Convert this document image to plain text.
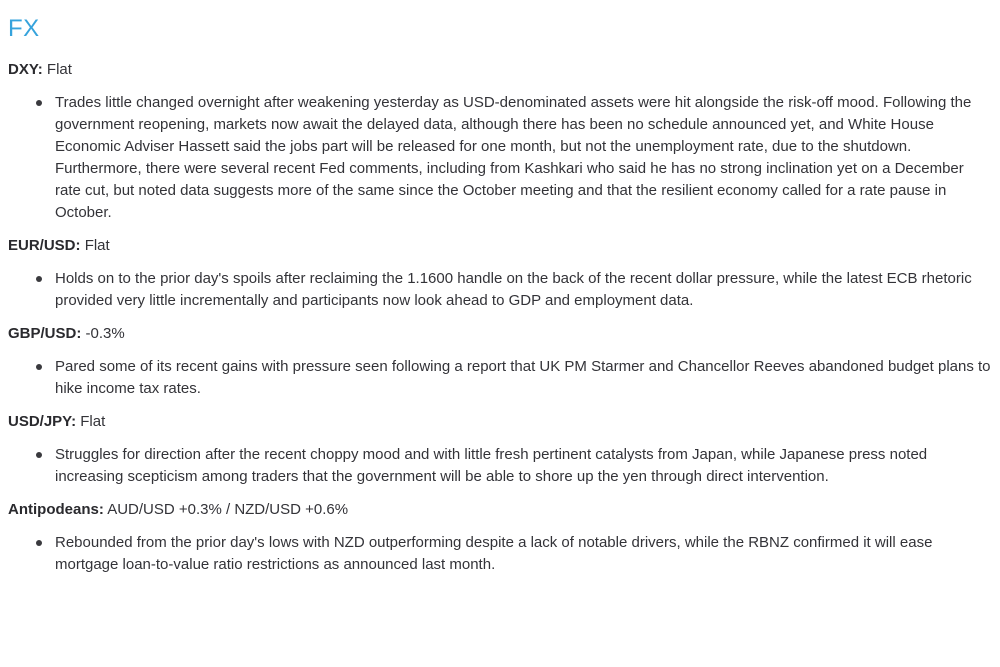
FX
DXY: Flat
Trades little changed overnight after weakening yesterday as USD-denominated assets were hit alongside the risk-off mood. Following the government reopening, markets now await the delayed data, although there has been no schedule announced yet, and White House Economic Adviser Hassett said the jobs part will be released for one month, but not the unemployment rate, due to the shutdown. Furthermore, there were several recent Fed comments, including from Kashkari who said he has no strong inclination yet on a December rate cut, but noted data suggests more of the same since the October meeting and that the resilient economy called for a rate pause in October.
EUR/USD: Flat
Holds on to the prior day's spoils after reclaiming the 1.1600 handle on the back of the recent dollar pressure, while the latest ECB rhetoric provided very little incrementally and participants now look ahead to GDP and employment data.
GBP/USD: -0.3%
Pared some of its recent gains with pressure seen following a report that UK PM Starmer and Chancellor Reeves abandoned budget plans to hike income tax rates.
USD/JPY: Flat
Struggles for direction after the recent choppy mood and with little fresh pertinent catalysts from Japan, while Japanese press noted increasing scepticism among traders that the government will be able to shore up the yen through direct intervention.
Antipodeans: AUD/USD +0.3% / NZD/USD +0.6%
Rebounded from the prior day's lows with NZD outperforming despite a lack of notable drivers, while the RBNZ confirmed it will ease mortgage loan-to-value ratio restrictions as announced last month.
